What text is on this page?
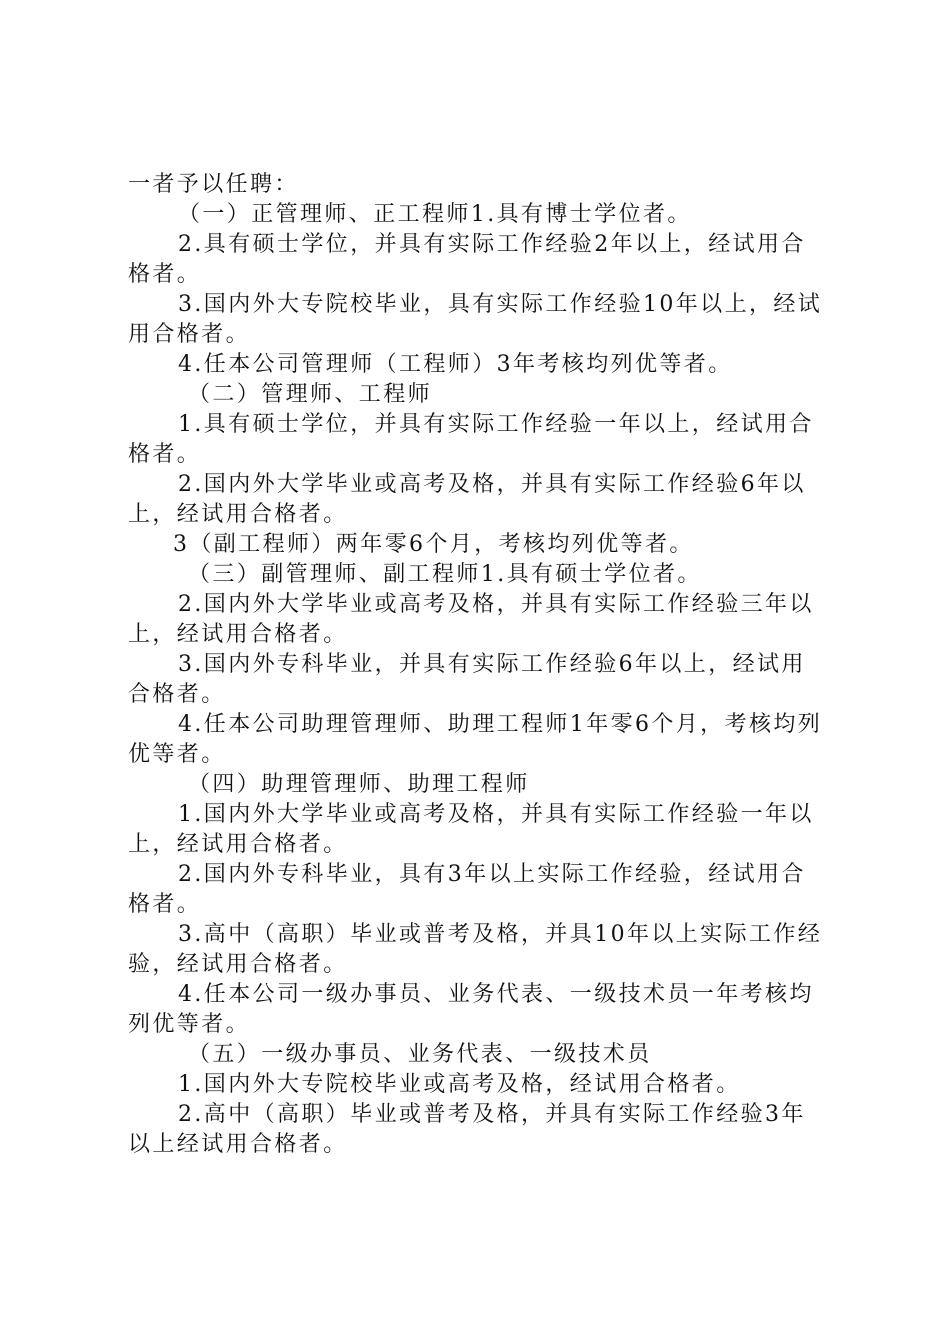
一者予以任聘：

（一）正管理师、正工程师1.具有博士学位者。

2.具有硕士学位，并具有实际工作经验2年以上，经试用合格者。

3.国内外大专院校毕业，具有实际工作经验10年以上，经试用合格者。

4.任本公司管理师（工程师）3年考核均列优等者。

（二）管理师、工程师

1.具有硕士学位，并具有实际工作经验一年以上，经试用合格者。

2.国内外大学毕业或高考及格，并具有实际工作经验6年以上，经试用合格者。

3（副工程师）两年零6个月，考核均列优等者。

（三）副管理师、副工程师1.具有硕士学位者。

2.国内外大学毕业或高考及格，并具有实际工作经验三年以上，经试用合格者。

3.国内外专科毕业，并具有实际工作经验6年以上，经试用合格者。

4.任本公司助理管理师、助理工程师1年零6个月，考核均列优等者。

（四）助理管理师、助理工程师

1.国内外大学毕业或高考及格，并具有实际工作经验一年以上，经试用合格者。

2.国内外专科毕业，具有3年以上实际工作经验，经试用合格者。

3.高中（高职）毕业或普考及格，并具10年以上实际工作经验，经试用合格者。

4.任本公司一级办事员、业务代表、一级技术员一年考核均列优等者。

（五）一级办事员、业务代表、一级技术员

1.国内外大专院校毕业或高考及格，经试用合格者。

2.高中（高职）毕业或普考及格，并具有实际工作经验3年以上经试用合格者。
